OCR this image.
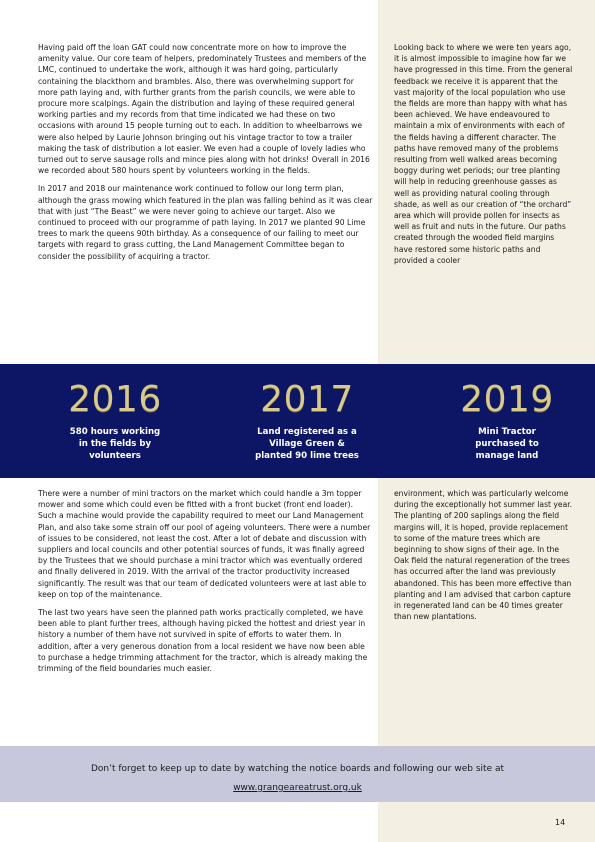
Having paid off the loan GAT could now concentrate more on how to improve the amenity value. Our core team of helpers, predominately Trustees and members of the LMC, continued to undertake the work, although it was hard going, particularly containing the blackthorn and brambles. Also, there was overwhelming support for more path laying and, with further grants from the parish councils, we were able to procure more scalpings. Again the distribution and laying of these required general working parties and my records from that time indicated we had these on two occasions with around 15 people turning out to each. In addition to wheelbarrows we were also helped by Laurie Johnson bringing out his vintage tractor to tow a trailer making the task of distribution a lot easier. We even had a couple of lovely ladies who turned out to serve sausage rolls and mince pies along with hot drinks! Overall in 2016 we recorded about 580 hours spent by volunteers working in the fields.

In 2017 and 2018 our maintenance work continued to follow our long term plan, although the grass mowing which featured in the plan was falling behind as it was clear that with just “The Beast” we were never going to achieve our target. Also we continued to proceed with our programme of path laying. In 2017 we planted 90 Lime trees to mark the queens 90th birthday. As a consequence of our failing to meet our targets with regard to grass cutting, the Land Management Committee began to consider the possibility of acquiring a tractor.

Looking back to where we were ten years ago, it is almost impossible to imagine how far we have progressed in this time. From the general feedback we receive it is apparent that the vast majority of the local population who use the fields are more than happy with what has been achieved. We have endeavoured to maintain a mix of environments with each of the fields having a different character. The paths have removed many of the problems resulting from well walked areas becoming boggy during wet periods; our tree planting will help in reducing greenhouse gasses as well as providing natural cooling through shade, as well as our creation of “the orchard” area which will provide pollen for insects as well as fruit and nuts in the future. Our paths created through the wooded field margins have restored some historic paths and provided a cooler

2016
580 hours working
in the fields by
volunteers
2017
Land registered as a
Village Green &
planted 90 lime trees
2019
Mini Tractor
purchased to
manage land

There were a number of mini tractors on the market which could handle a 3m topper mower and some which could even be fitted with a front bucket (front end loader). Such a machine would provide the capability required to meet our Land Management Plan, and also take some strain off our pool of ageing volunteers. There were a number of issues to be considered, not least the cost. After a lot of debate and discussion with suppliers and local councils and other potential sources of funds, it was finally agreed by the Trustees that we should purchase a mini tractor which was eventually ordered and finally delivered in 2019. With the arrival of the tractor productivity increased significantly. The result was that our team of dedicated volunteers were at last able to keep on top of the maintenance.

The last two years have seen the planned path works practically completed, we have been able to plant further trees, although having picked the hottest and driest year in history a number of them have not survived in spite of efforts to water them. In addition, after a very generous donation from a local resident we have now been able to purchase a hedge trimming attachment for the tractor, which is already making the trimming of the field boundaries much easier.

environment, which was particularly welcome during the exceptionally hot summer last year. The planting of 200 saplings along the field margins will, it is hoped, provide replacement to some of the mature trees which are beginning to show signs of their age. In the Oak field the natural regeneration of the trees has occurred after the land was previously abandoned. This has been more effective than planting and I am advised that carbon capture in regenerated land can be 40 times greater than new plantations.

Don’t forget to keep up to date by watching the notice boards and following our web site at
www.grangeareatrust.org.uk
14
